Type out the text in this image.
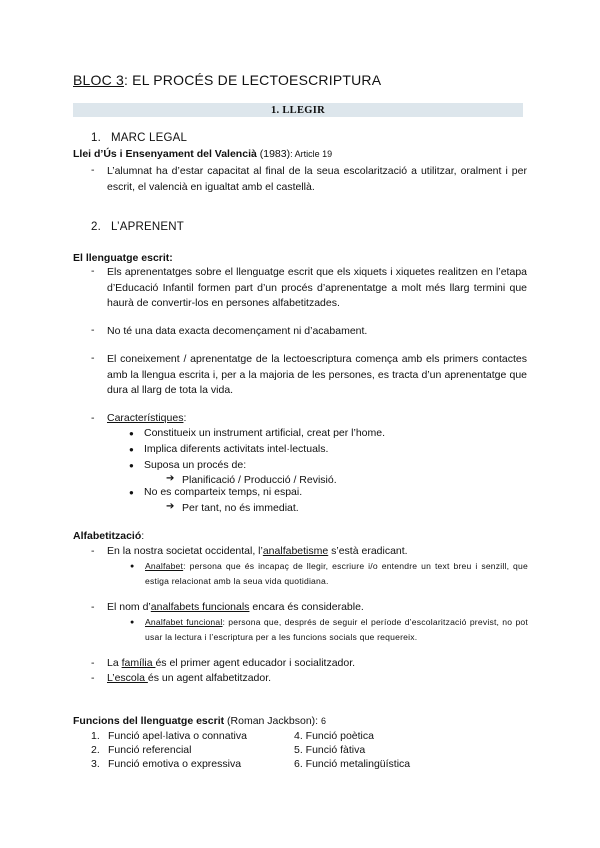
BLOC 3: EL PROCÉS DE LECTOESCRIPTURA
1. LLEGIR
1. MARC LEGAL
Llei d’Ús i Ensenyament del Valencià (1983): Article 19
- L’alumnat ha d’estar capacitat al final de la seua escolarització a utilitzar, oralment i per escrit, el valencià en igualtat amb el castellà.
2. L’APRENENT
El llenguatge escrit:
- Els aprenentatges sobre el llenguatge escrit que els xiquets i xiquetes realitzen en l’etapa d’Educació Infantil formen part d’un procés d’aprenentatge a molt més llarg termini que haurà de convertir-los en persones alfabetitzades.
- No té una data exacta decomençament ni d’acabament.
- El coneixement / aprenentatge de la lectoescriptura comença amb els primers contactes amb la llengua escrita i, per a la majoria de les persones, es tracta d’un aprenentatge que dura al llarg de tota la vida.
- Característiques:
● Constitueix un instrument artificial, creat per l’home.
● Implica diferents activitats intel·lectuals.
● Suposa un procés de:
➔ Planificació / Producció / Revisió.
● No es comparteix temps, ni espai.
➔ Per tant, no és immediat.
Alfabetització:
- En la nostra societat occidental, l’analfabetisme s’està eradicant.
● Analfabet: persona que és incapaç de llegir, escriure i/o entendre un text breu i senzill, que estiga relacionat amb la seua vida quotidiana.
- El nom d’analfabets funcionals encara és considerable.
● Analfabet funcional: persona que, després de seguir el període d’escolarització previst, no pot usar la lectura i l’escriptura per a les funcions socials que requereix.
- La família és el primer agent educador i socialitzador.
- L’escola és un agent alfabetitzador.
Funcions del llenguatge escrit (Roman Jackbson): 6
1. Funció apel·lativa o connativa
2. Funció referencial
3. Funció emotiva o expressiva
4. Funció poètica
5. Funció fàtiva
6. Funció metalingüística
